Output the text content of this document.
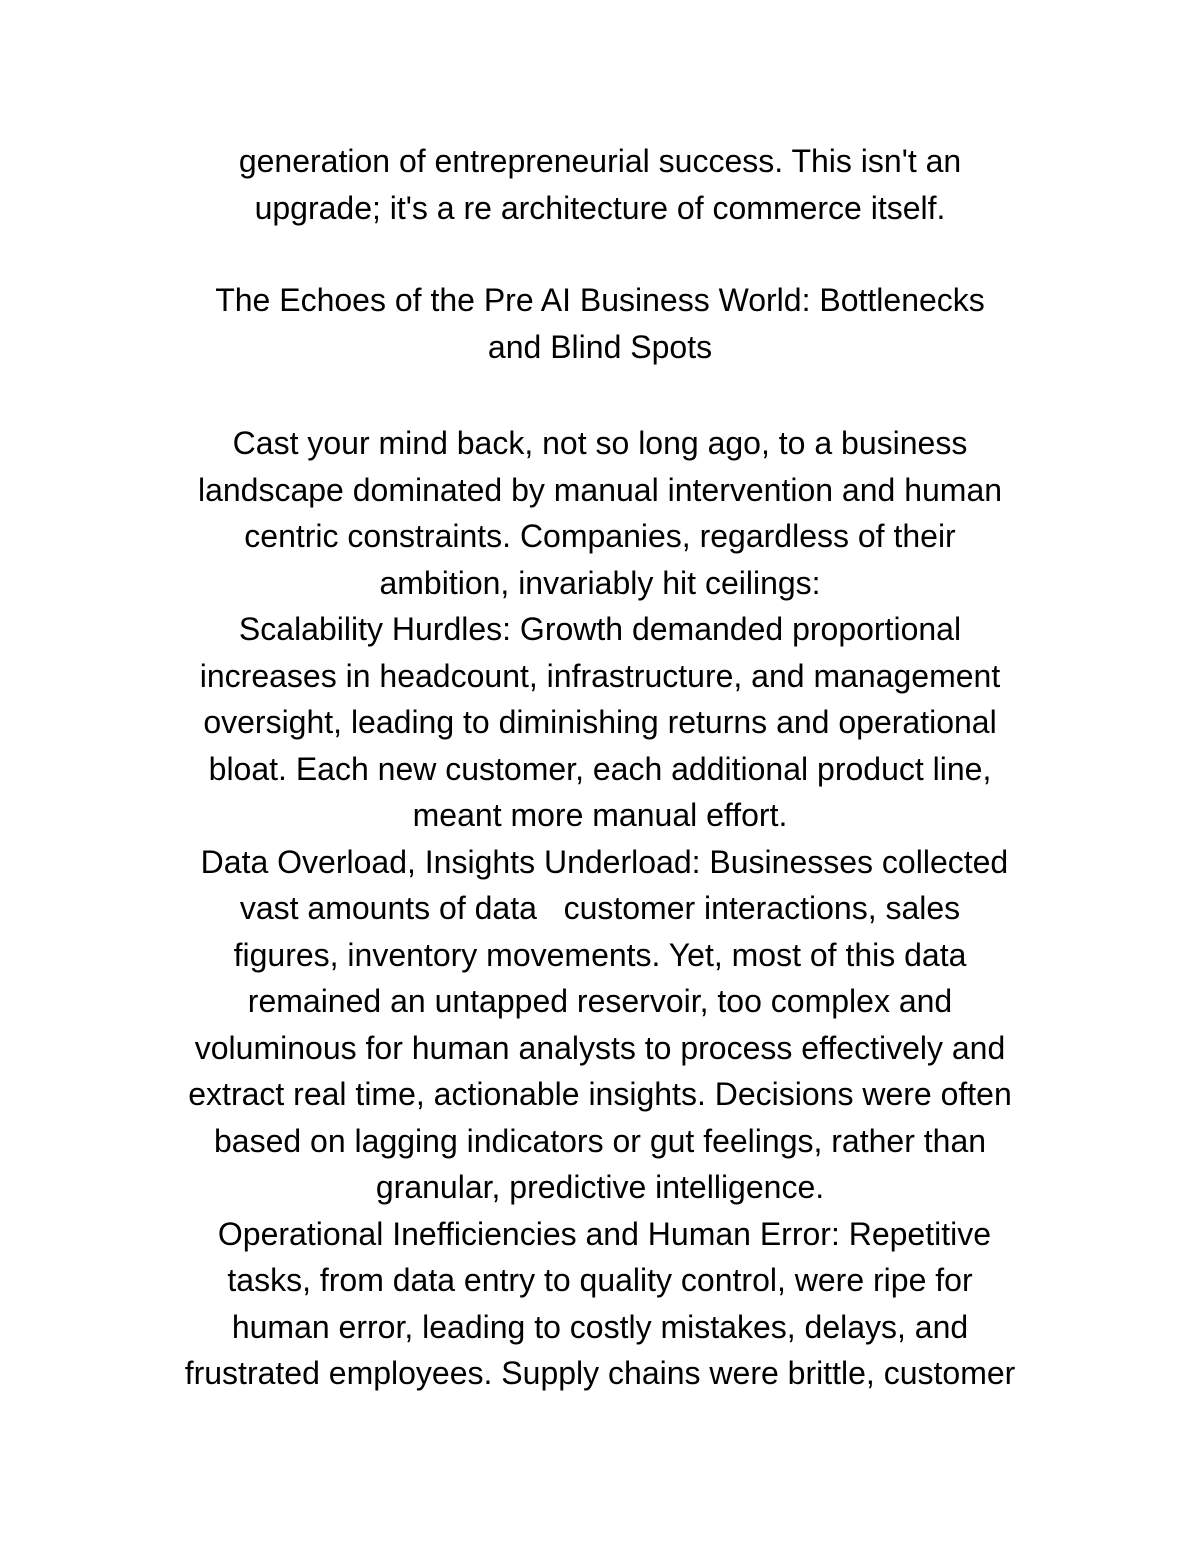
generation of entrepreneurial success. This isn't an
upgrade; it's a re architecture of commerce itself.
The Echoes of the Pre AI Business World: Bottlenecks
and Blind Spots
Cast your mind back, not so long ago, to a business
landscape dominated by manual intervention and human
centric constraints. Companies, regardless of their
ambition, invariably hit ceilings:
Scalability Hurdles: Growth demanded proportional
increases in headcount, infrastructure, and management
oversight, leading to diminishing returns and operational
bloat. Each new customer, each additional product line,
meant more manual effort.
Data Overload, Insights Underload: Businesses collected
vast amounts of data   customer interactions, sales
figures, inventory movements. Yet, most of this data
remained an untapped reservoir, too complex and
voluminous for human analysts to process effectively and
extract real time, actionable insights. Decisions were often
based on lagging indicators or gut feelings, rather than
granular, predictive intelligence.
Operational Inefficiencies and Human Error: Repetitive
tasks, from data entry to quality control, were ripe for
human error, leading to costly mistakes, delays, and
frustrated employees. Supply chains were brittle, customer
